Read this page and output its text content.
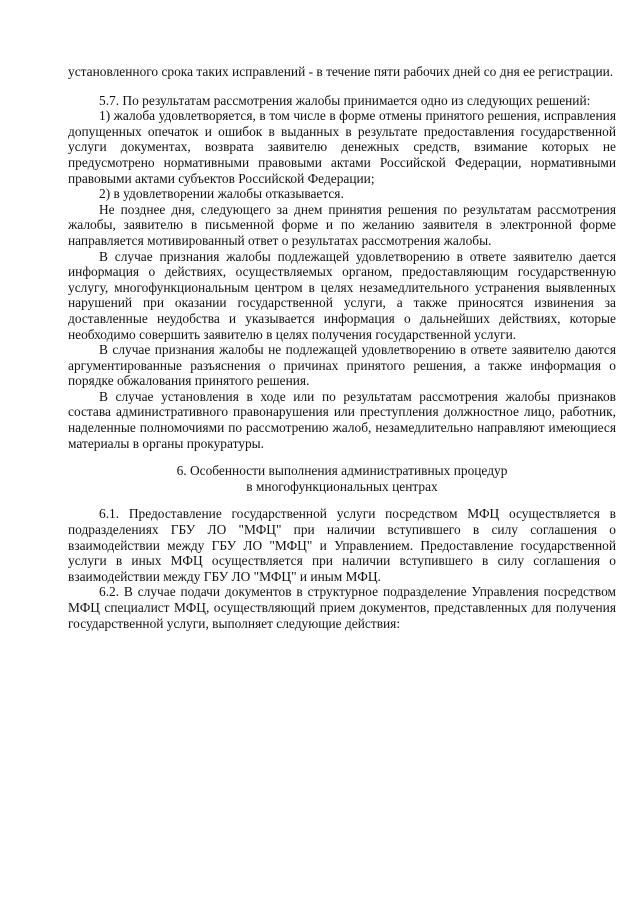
установленного срока таких исправлений - в течение пяти рабочих дней со дня ее регистрации.

5.7. По результатам рассмотрения жалобы принимается одно из следующих решений:

1) жалоба удовлетворяется, в том числе в форме отмены принятого решения, исправления допущенных опечаток и ошибок в выданных в результате предоставления государственной услуги документах, возврата заявителю денежных средств, взимание которых не предусмотрено нормативными правовыми актами Российской Федерации, нормативными правовыми актами субъектов Российской Федерации;

2) в удовлетворении жалобы отказывается.

Не позднее дня, следующего за днем принятия решения по результатам рассмотрения жалобы, заявителю в письменной форме и по желанию заявителя в электронной форме направляется мотивированный ответ о результатах рассмотрения жалобы.

В случае признания жалобы подлежащей удовлетворению в ответе заявителю дается информация о действиях, осуществляемых органом, предоставляющим государственную услугу, многофункциональным центром в целях незамедлительного устранения выявленных нарушений при оказании государственной услуги, а также приносятся извинения за доставленные неудобства и указывается информация о дальнейших действиях, которые необходимо совершить заявителю в целях получения государственной услуги.

В случае признания жалобы не подлежащей удовлетворению в ответе заявителю даются аргументированные разъяснения о причинах принятого решения, а также информация о порядке обжалования принятого решения.

В случае установления в ходе или по результатам рассмотрения жалобы признаков состава административного правонарушения или преступления должностное лицо, работник, наделенные полномочиями по рассмотрению жалоб, незамедлительно направляют имеющиеся материалы в органы прокуратуры.

6. Особенности выполнения административных процедур
в многофункциональных центрах

6.1. Предоставление государственной услуги посредством МФЦ осуществляется в подразделениях ГБУ ЛО "МФЦ" при наличии вступившего в силу соглашения о взаимодействии между ГБУ ЛО "МФЦ" и Управлением. Предоставление государственной услуги в иных МФЦ осуществляется при наличии вступившего в силу соглашения о взаимодействии между ГБУ ЛО "МФЦ" и иным МФЦ.

6.2. В случае подачи документов в структурное подразделение Управления посредством МФЦ специалист МФЦ, осуществляющий прием документов, представленных для получения государственной услуги, выполняет следующие действия:
